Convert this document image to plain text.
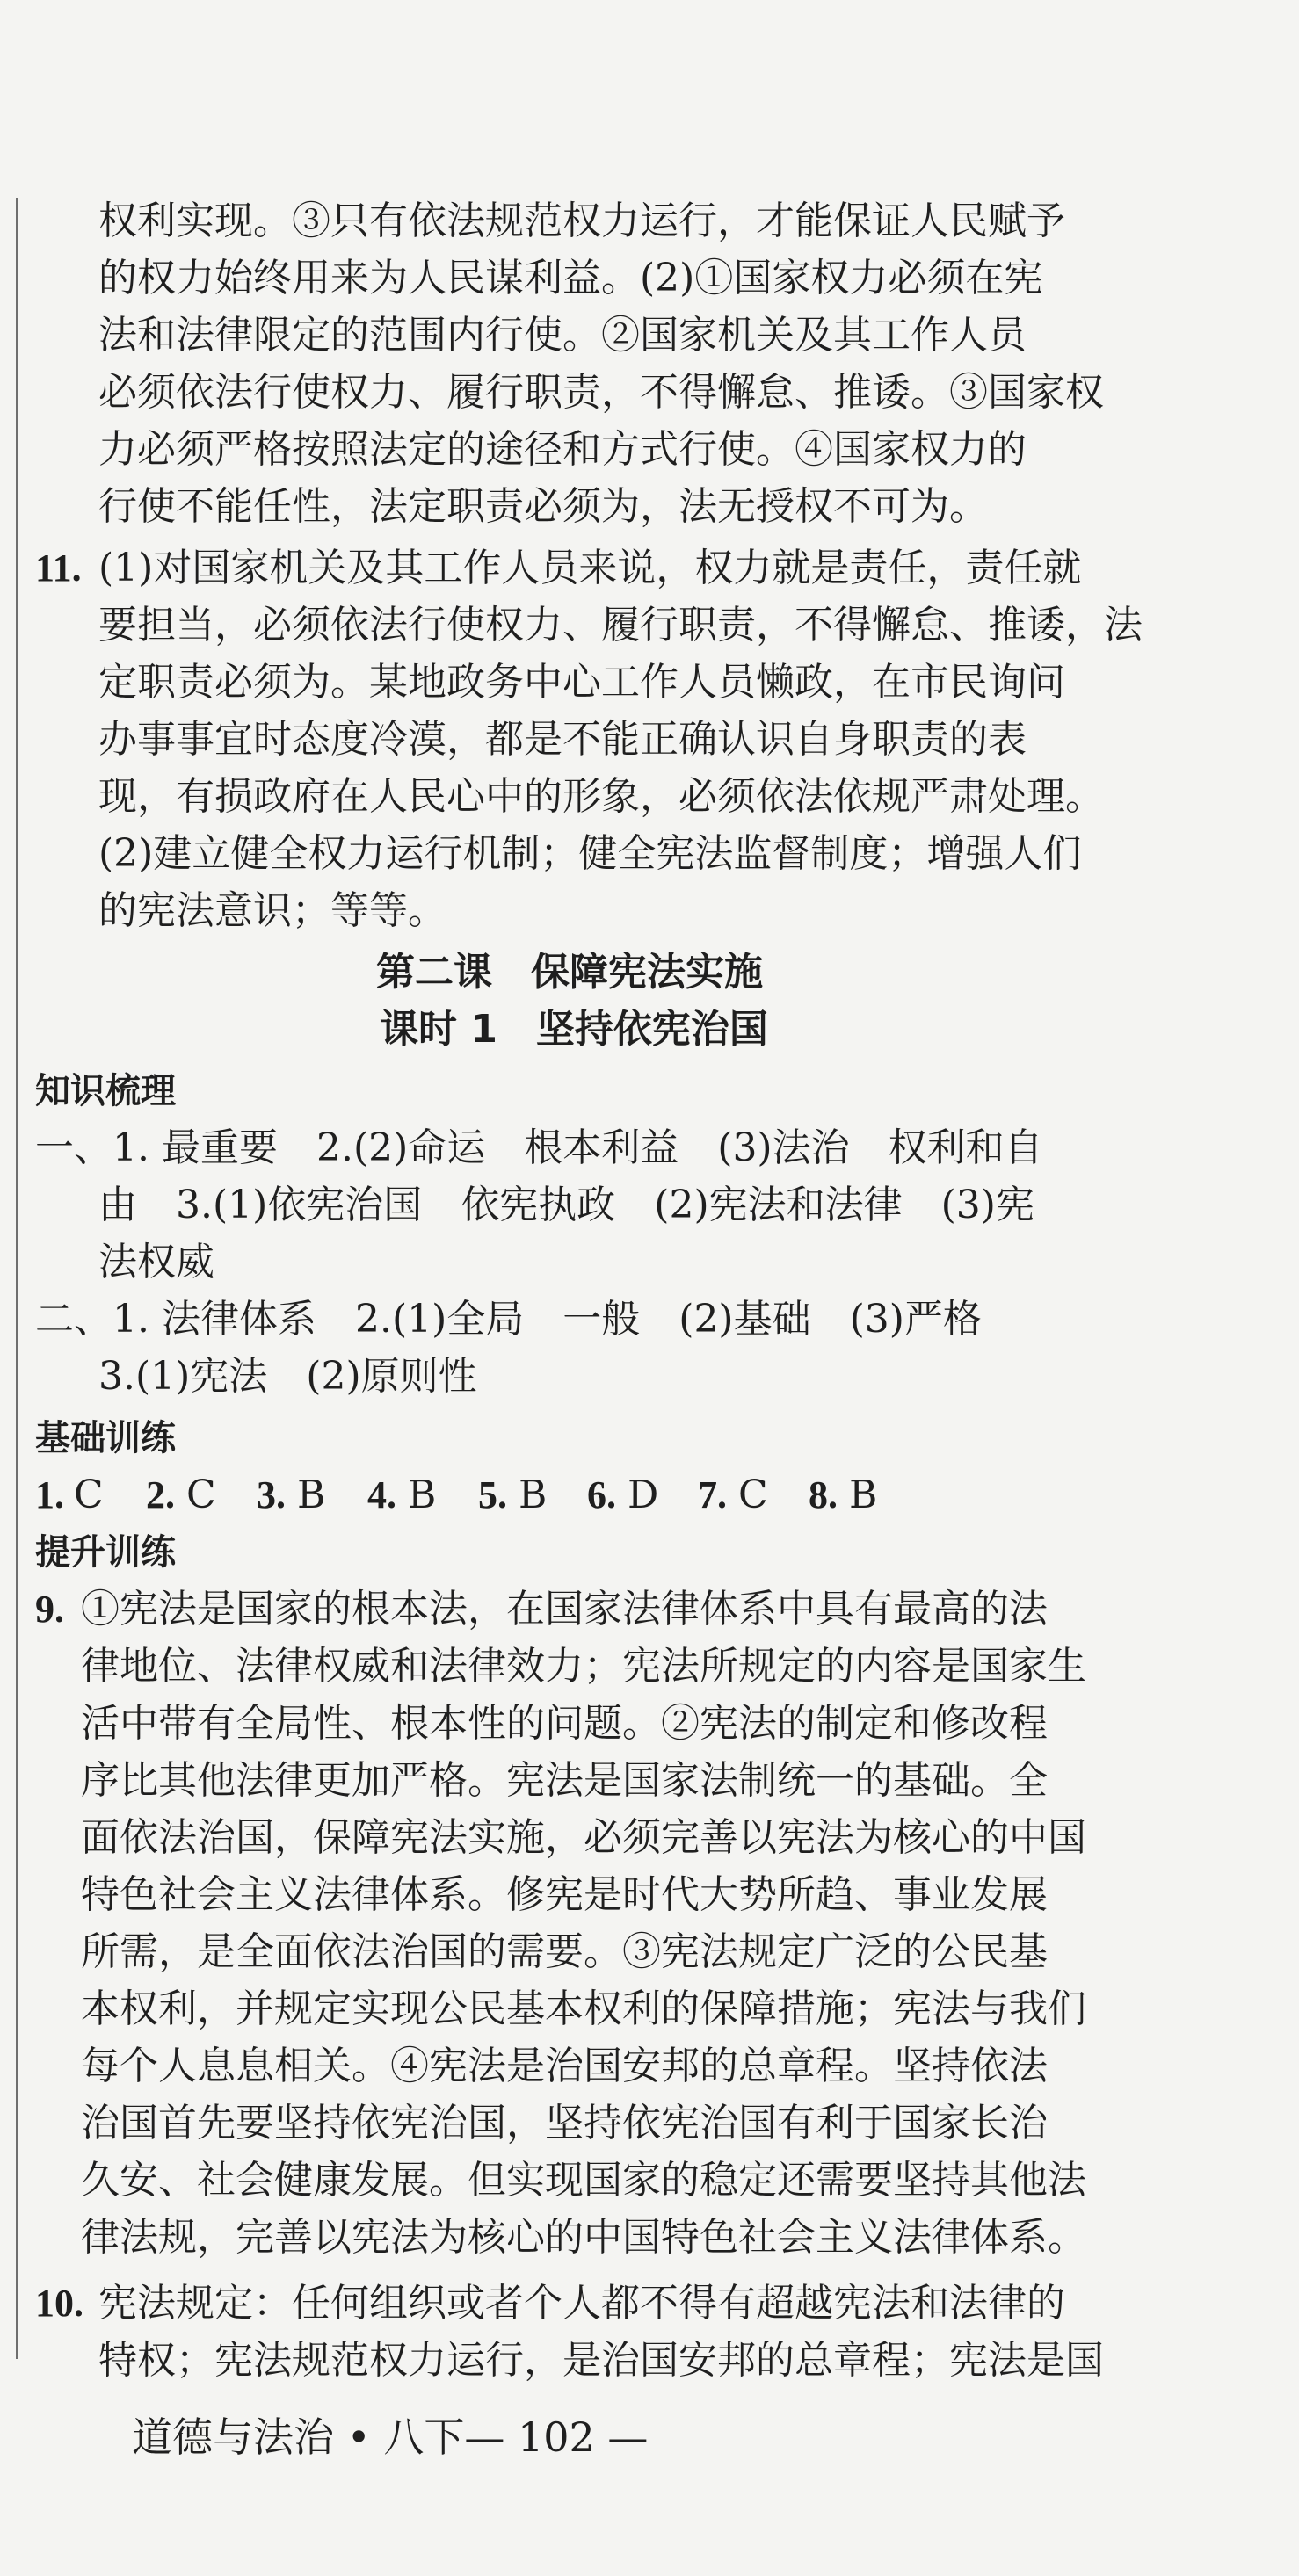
权利实现。③只有依法规范权力运行，才能保证人民赋予
的权力始终用来为人民谋利益。(2)①国家权力必须在宪
法和法律限定的范围内行使。②国家机关及其工作人员
必须依法行使权力、履行职责，不得懈怠、推诿。③国家权
力必须严格按照法定的途径和方式行使。④国家权力的
行使不能任性，法定职责必须为，法无授权不可为。
11. (1)对国家机关及其工作人员来说，权力就是责任，责任就
要担当，必须依法行使权力、履行职责，不得懈怠、推诿，法
定职责必须为。某地政务中心工作人员懒政，在市民询问
办事事宜时态度冷漠，都是不能正确认识自身职责的表
现，有损政府在人民心中的形象，必须依法依规严肃处理。
(2)建立健全权力运行机制；健全宪法监督制度；增强人们
的宪法意识；等等。
第二课　保障宪法实施
课时 1　坚持依宪治国
知识梳理
一、1. 最重要　2.(2)命运　根本利益　(3)法治　权利和自
由　3.(1)依宪治国　依宪执政　(2)宪法和法律　(3)宪
法权威
二、1. 法律体系　2.(1)全局　一般　(2)基础　(3)严格
3.(1)宪法　(2)原则性
基础训练
1. C 2. C 3. B 4. B 5. B 6. D 7. C 8. B
提升训练
9. ①宪法是国家的根本法，在国家法律体系中具有最高的法
律地位、法律权威和法律效力；宪法所规定的内容是国家生
活中带有全局性、根本性的问题。②宪法的制定和修改程
序比其他法律更加严格。宪法是国家法制统一的基础。全
面依法治国，保障宪法实施，必须完善以宪法为核心的中国
特色社会主义法律体系。修宪是时代大势所趋、事业发展
所需，是全面依法治国的需要。③宪法规定广泛的公民基
本权利，并规定实现公民基本权利的保障措施；宪法与我们
每个人息息相关。④宪法是治国安邦的总章程。坚持依法
治国首先要坚持依宪治国，坚持依宪治国有利于国家长治
久安、社会健康发展。但实现国家的稳定还需要坚持其他法
律法规，完善以宪法为核心的中国特色社会主义法律体系。
10. 宪法规定：任何组织或者个人都不得有超越宪法和法律的
特权；宪法规范权力运行，是治国安邦的总章程；宪法是国
道德与法治 • 八下— 102 —
